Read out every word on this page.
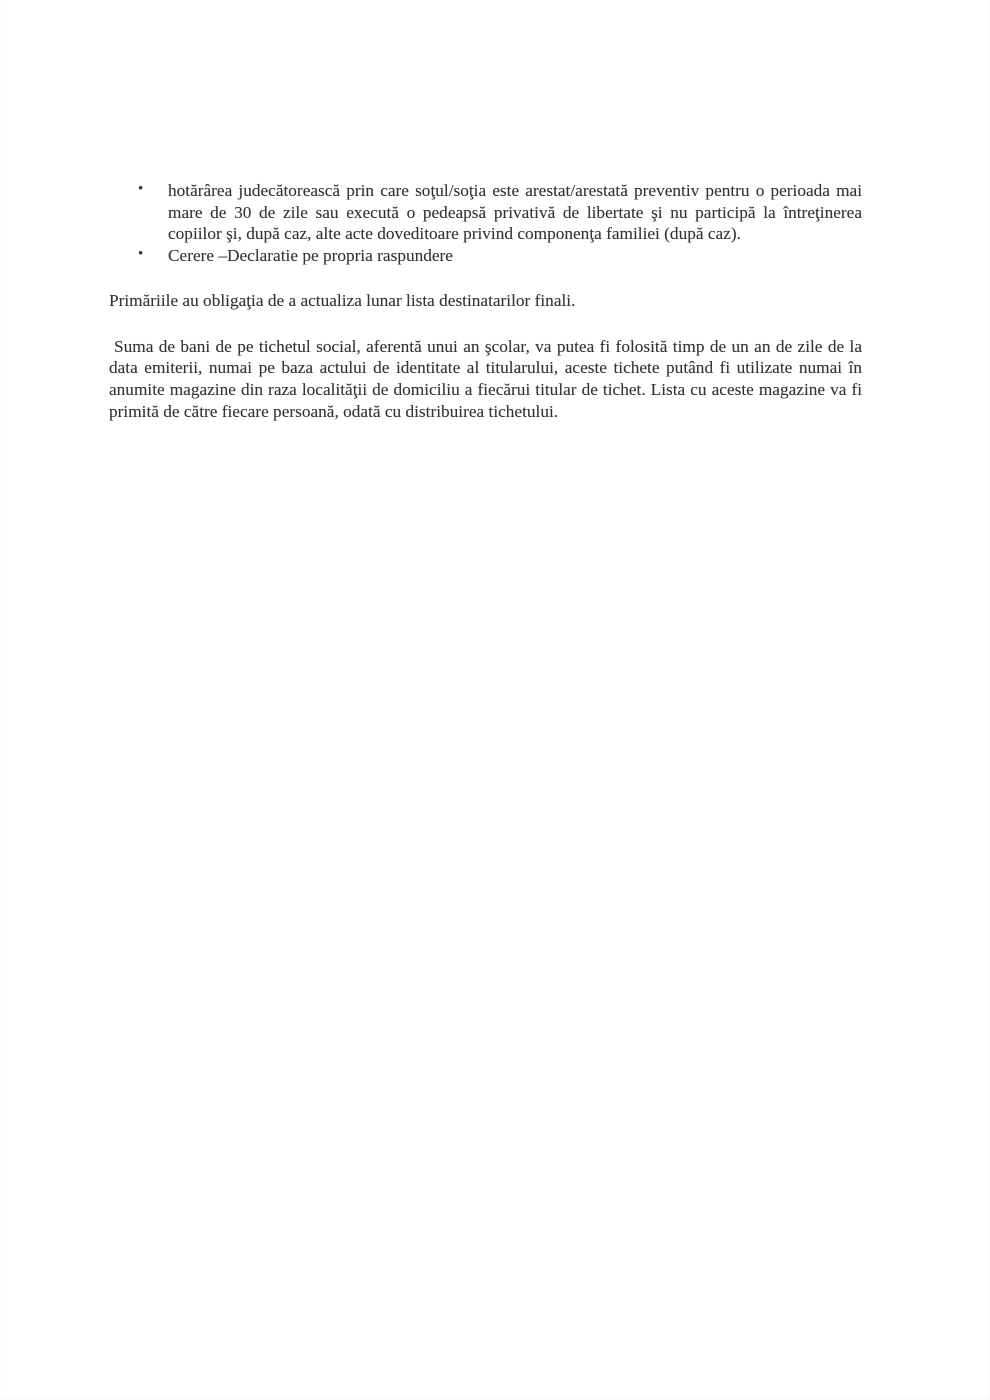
• hotărârea judecătorească prin care soţul/soţia este arestat/arestată preventiv pentru o perioada mai mare de 30 de zile sau execută o pedeapsă privativă de libertate şi nu participă la întreţinerea copiilor şi, după caz, alte acte doveditoare privind componenţa familiei (după caz).
• Cerere –Declaratie pe propria raspundere

Primăriile au obligaţia de a actualiza lunar lista destinatarilor finali.

Suma de bani de pe tichetul social, aferentă unui an şcolar, va putea fi folosită timp de un an de zile de la data emiterii, numai pe baza actului de identitate al titularului, aceste tichete putând fi utilizate numai în anumite magazine din raza localităţii de domiciliu a fiecărui titular de tichet. Lista cu aceste magazine va fi primită de către fiecare persoană, odată cu distribuirea tichetului.
